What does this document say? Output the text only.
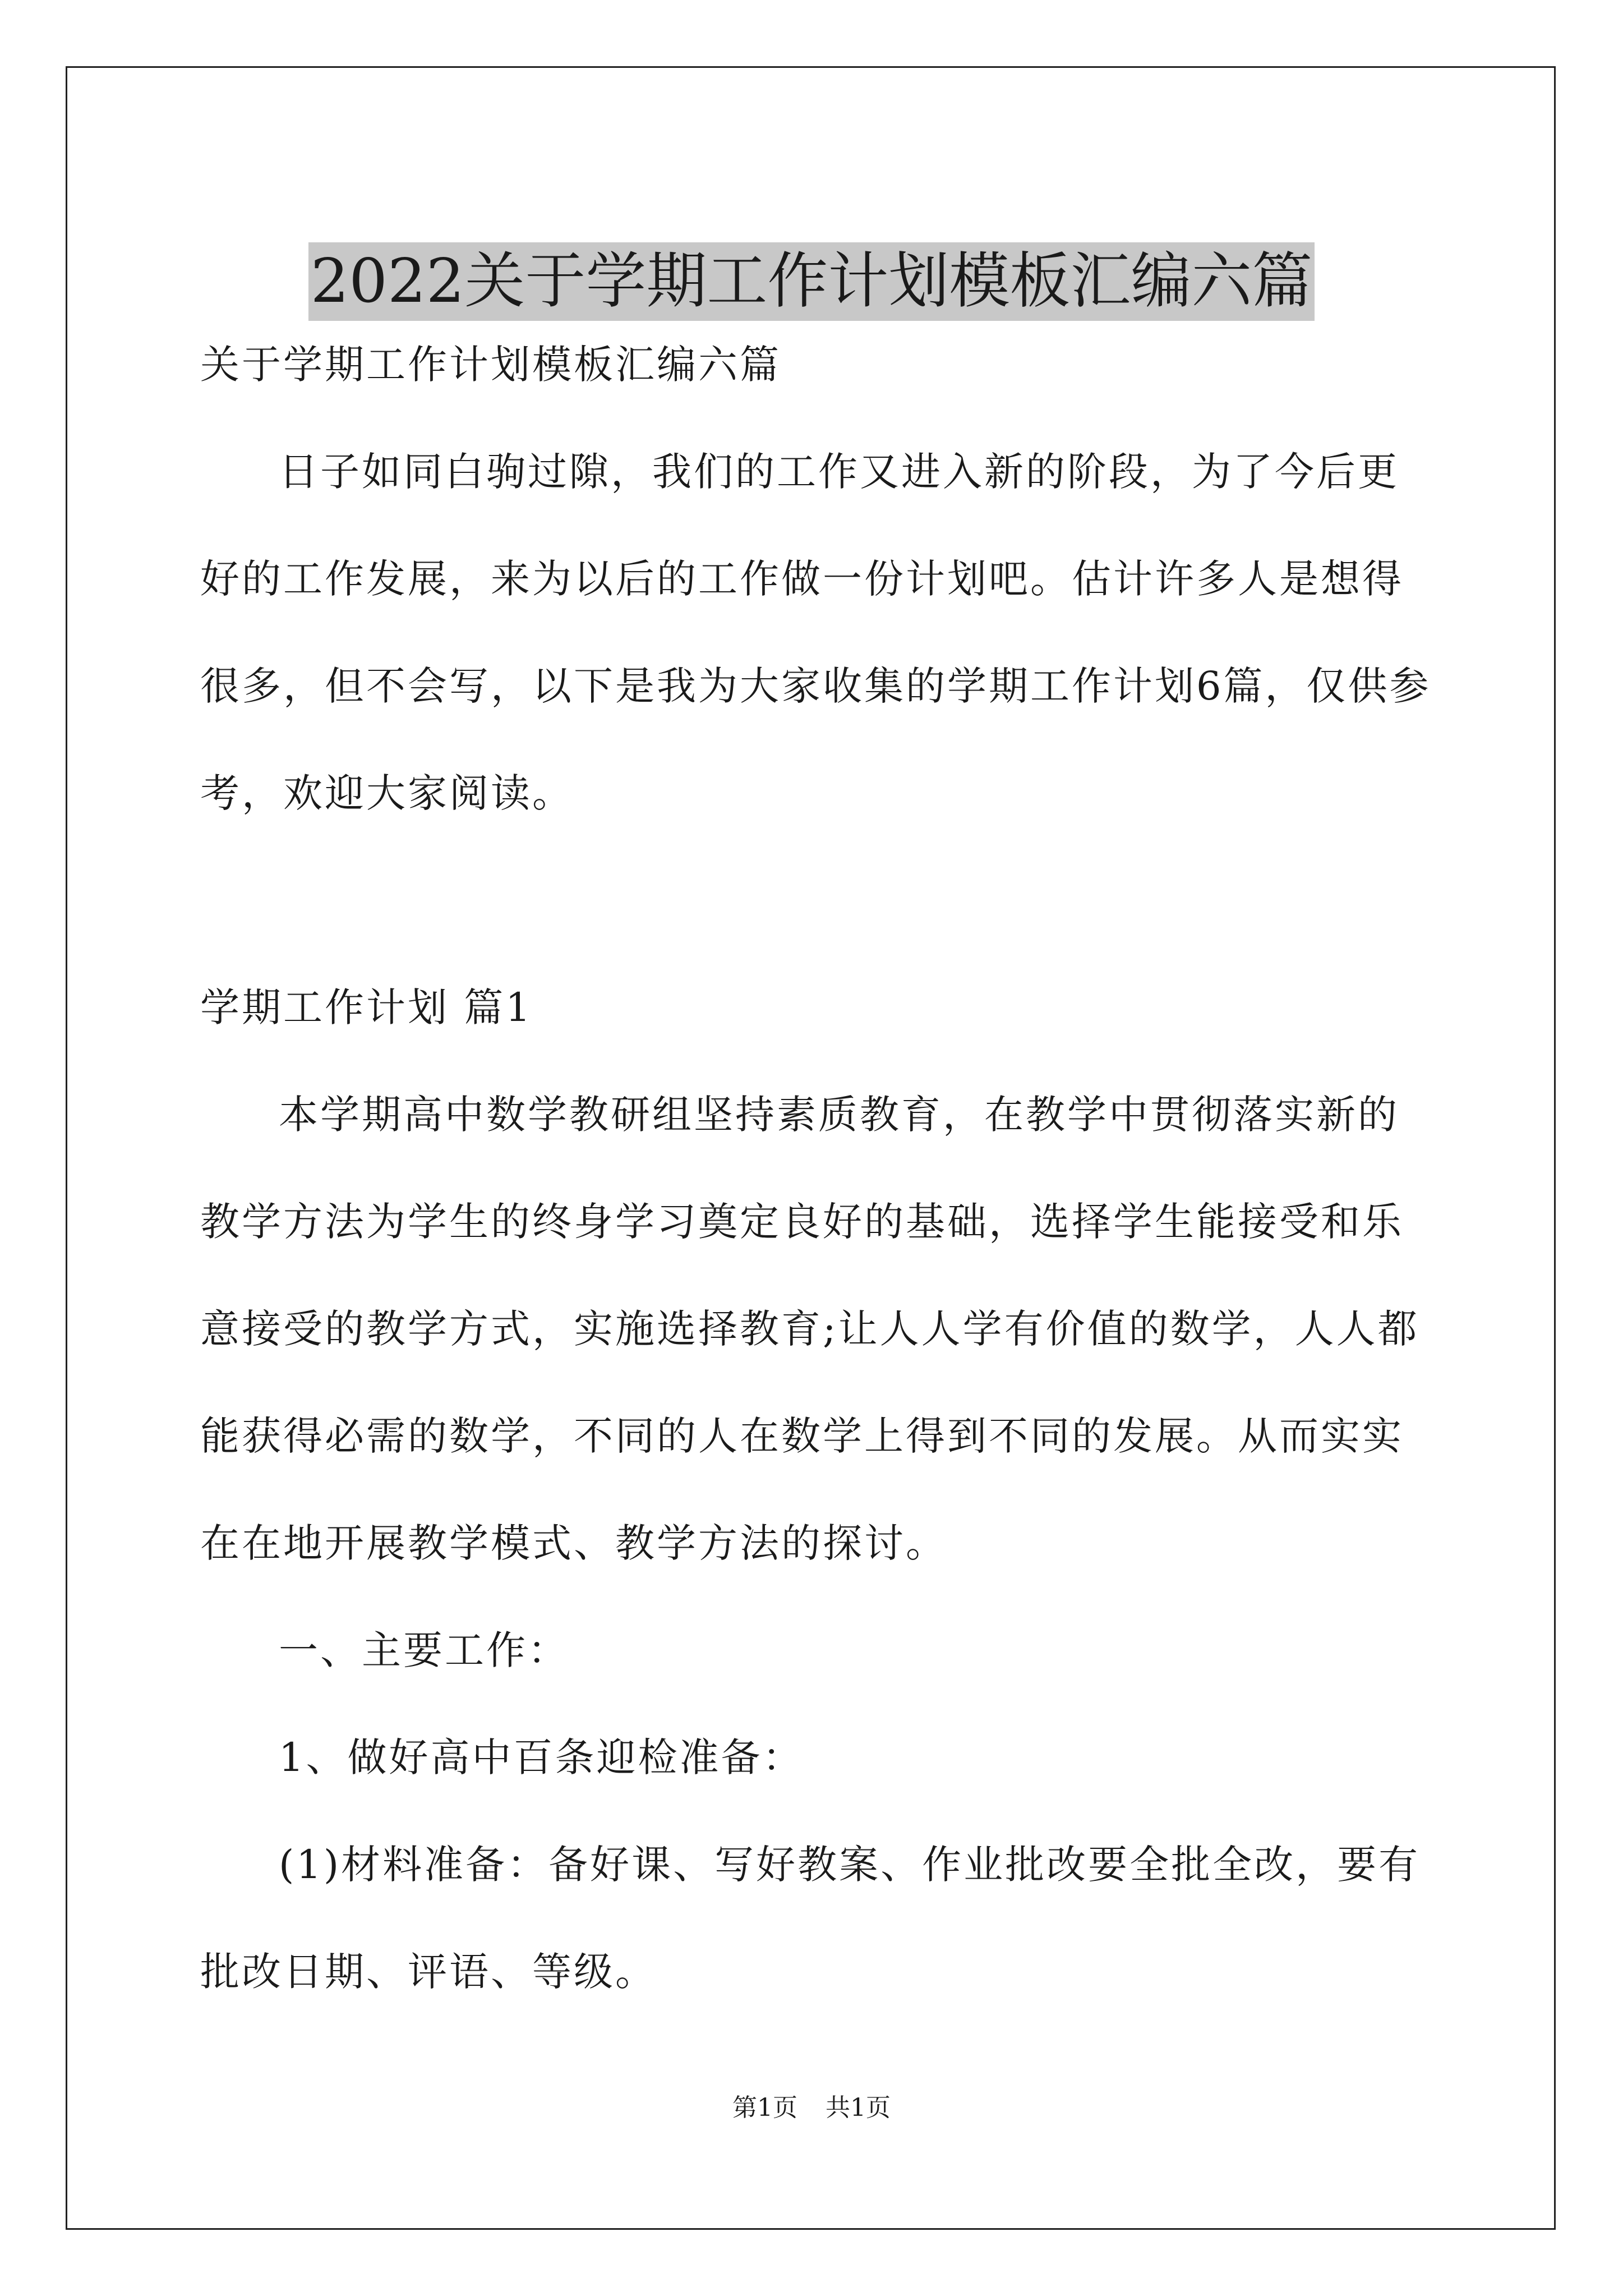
2022关于学期工作计划模板汇编六篇

关于学期工作计划模板汇编六篇

日子如同白驹过隙，我们的工作又进入新的阶段，为了今后更好的工作发展，来为以后的工作做一份计划吧。估计许多人是想得很多，但不会写，以下是我为大家收集的学期工作计划6篇，仅供参考，欢迎大家阅读。

学期工作计划 篇1

本学期高中数学教研组坚持素质教育，在教学中贯彻落实新的教学方法为学生的终身学习奠定良好的基础，选择学生能接受和乐意接受的教学方式，实施选择教育;让人人学有价值的数学，人人都能获得必需的数学，不同的人在数学上得到不同的发展。从而实实在在地开展教学模式、教学方法的探讨。

一、主要工作：

1、做好高中百条迎检准备：

(1)材料准备：备好课、写好教案、作业批改要全批全改，要有批改日期、评语、等级。

第1页 共1页
